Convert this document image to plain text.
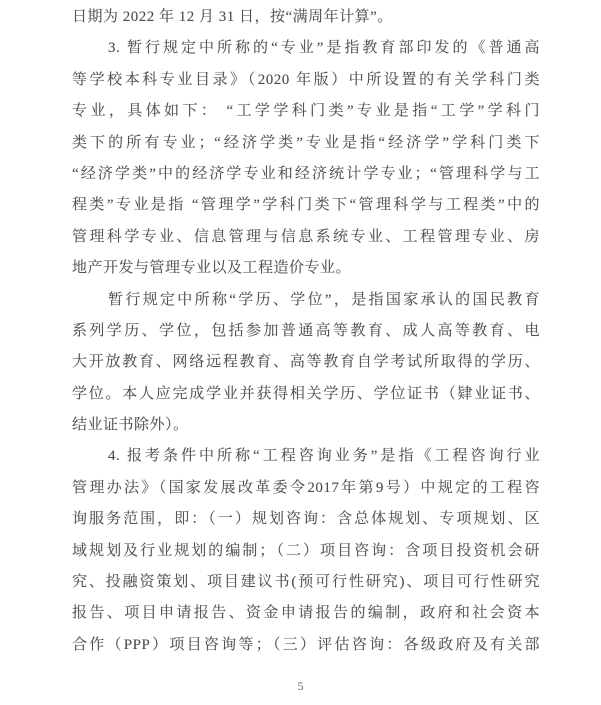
日期为 2022 年 12 月 31 日，按“满周年计算”。
3. 暂行规定中所称的“专业”是指教育部印发的《普通高
等学校本科专业目录》（2020 年版）中所设置的有关学科门类
专业，具体如下： “工学学科门类”专业是指“工学”学科门
类下的所有专业；“经济学类”专业是指“经济学”学科门类下
“经济学类”中的经济学专业和经济统计学专业；“管理科学与工
程类”专业是指 “管理学”学科门类下“管理科学与工程类”中的
管理科学专业、信息管理与信息系统专业、工程管理专业、房
地产开发与管理专业以及工程造价专业。
暂行规定中所称“学历、学位”，是指国家承认的国民教育
系列学历、学位，包括参加普通高等教育、成人高等教育、电
大开放教育、网络远程教育、高等教育自学考试所取得的学历、
学位。本人应完成学业并获得相关学历、学位证书（肄业证书、
结业证书除外）。
4. 报考条件中所称“工程咨询业务”是指《工程咨询行业
管理办法》（国家发展改革委令2017年第9号）中规定的工程咨
询服务范围，即：（一）规划咨询：含总体规划、专项规划、区
域规划及行业规划的编制；（二）项目咨询：含项目投资机会研
究、投融资策划、项目建议书(预可行性研究)、项目可行性研究
报告、项目申请报告、资金申请报告的编制，政府和社会资本
合作（PPP）项目咨询等；（三）评估咨询：各级政府及有关部
5
